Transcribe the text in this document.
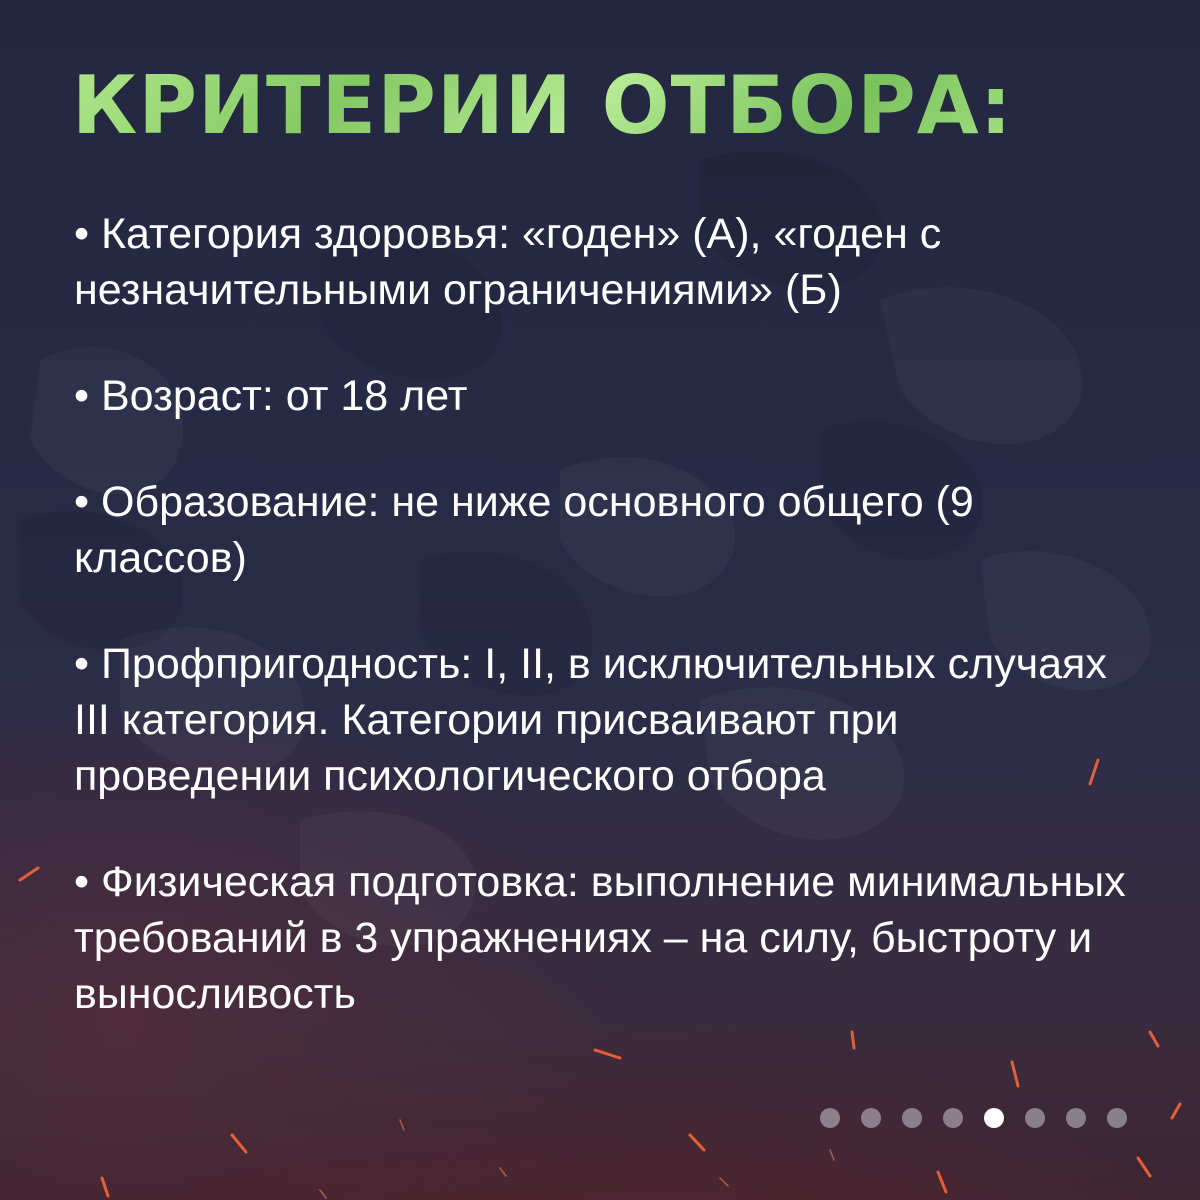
КРИТЕРИИ ОТБОРА:
• Категория здоровья: «годен» (А), «годен с незначительными ограничениями» (Б)
• Возраст: от 18 лет
• Образование: не ниже основного общего (9 классов)
• Профпригодность: I, II, в исключительных случаях III категория. Категории присваивают при проведении психологического отбора
• Физическая подготовка: выполнение минимальных требований в 3 упражнениях – на силу, быстроту и выносливость
